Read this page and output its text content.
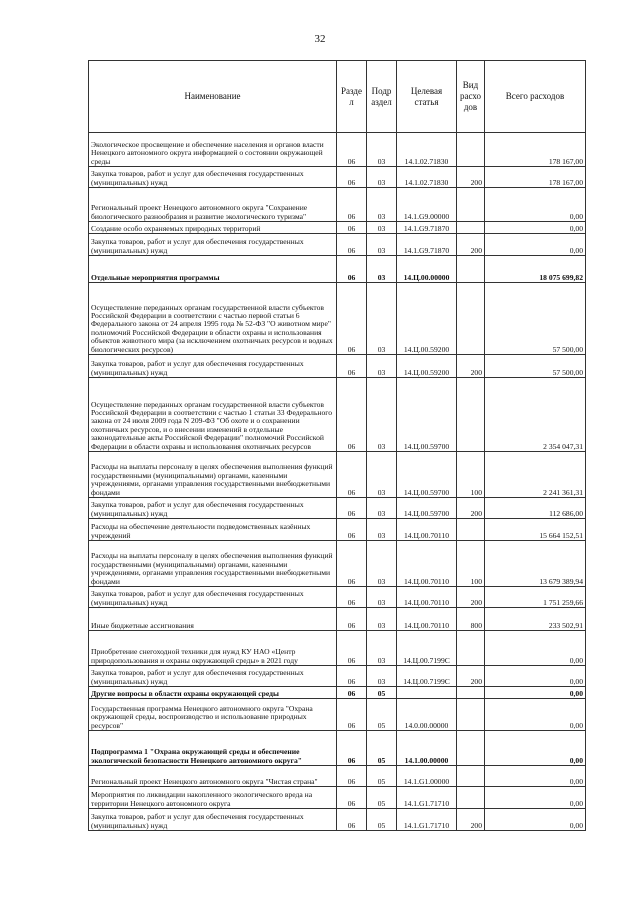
32
Наименование	Разде л	Подр аздел	Целевая статья	Вид расхо дов	Всего расходов
Экологическое просвещение и обеспечение населения и органов власти Ненецкого автономного округа информацией о состоянии окружающей среды	06	03	14.1.02.71830		178 167,00
Закупка товаров, работ и услуг для обеспечения государственных (муниципальных) нужд	06	03	14.1.02.71830	200	178 167,00
Региональный проект Ненецкого автономного округа "Сохранение биологического разнообразия и развитие экологического туризма"	06	03	14.1.G9.00000		0,00
Создание особо охраняемых природных территорий	06	03	14.1.G9.71870		0,00
Закупка товаров, работ и услуг для обеспечения государственных (муниципальных) нужд	06	03	14.1.G9.71870	200	0,00
Отдельные мероприятия программы	06	03	14.Ц.00.00000		18 075 699,82
Осуществление переданных органам государственной власти субъектов Российской Федерации в соответствии с частью первой статьи 6 Федерального закона от 24 апреля 1995 года № 52-ФЗ "О животном мире" полномочий Российской Федерации в области охраны и использования объектов животного мира (за исключением охотничьих ресурсов и водных биологических ресурсов)	06	03	14.Ц.00.59200		57 500,00
Закупка товаров, работ и услуг для обеспечения государственных (муниципальных) нужд	06	03	14.Ц.00.59200	200	57 500,00
Осуществление переданных органам государственной власти субъектов Российской Федерации в соответствии с частью 1 статьи 33 Федерального закона от 24 июля 2009 года N 209-ФЗ "Об охоте и о сохранении охотничьих ресурсов, и о внесении изменений в отдельные законодательные акты Российской Федерации" полномочий Российской Федерации в области охраны и использования охотничьих ресурсов	06	03	14.Ц.00.59700		2 354 047,31
Расходы на выплаты персоналу в целях обеспечения выполнения функций государственными (муниципальными) органами, казенными учреждениями, органами управления государственными внебюджетными фондами	06	03	14.Ц.00.59700	100	2 241 361,31
Закупка товаров, работ и услуг для обеспечения государственных (муниципальных) нужд	06	03	14.Ц.00.59700	200	112 686,00
Расходы на обеспечение деятельности подведомственных казённых учреждений	06	03	14.Ц.00.70110		15 664 152,51
Расходы на выплаты персоналу в целях обеспечения выполнения функций государственными (муниципальными) органами, казенными учреждениями, органами управления государственными внебюджетными фондами	06	03	14.Ц.00.70110	100	13 679 389,94
Закупка товаров, работ и услуг для обеспечения государственных (муниципальных) нужд	06	03	14.Ц.00.70110	200	1 751 259,66
Иные бюджетные ассигнования	06	03	14.Ц.00.70110	800	233 502,91
Приобретение снегоходной техники для нужд КУ НАО «Центр природопользования и охраны окружающей среды» в 2021 году	06	03	14.Ц.00.7199С		0,00
Закупка товаров, работ и услуг для обеспечения государственных (муниципальных) нужд	06	03	14.Ц.00.7199С	200	0,00
Другие вопросы в области охраны окружающей среды	06	05			0,00
Государственная программа Ненецкого автономного округа "Охрана окружающей среды, воспроизводство и использование природных ресурсов"	06	05	14.0.00.00000		0,00
Подпрограмма 1 "Охрана окружающей среды и обеспечение экологической безопасности Ненецкого автономного округа"	06	05	14.1.00.00000		0,00
Региональный проект Ненецкого автономного округа "Чистая страна"	06	05	14.1.G1.00000		0,00
Мероприятия по ликвидации накопленного экологического вреда на территории Ненецкого автономного округа	06	05	14.1.G1.71710		0,00
Закупка товаров, работ и услуг для обеспечения государственных (муниципальных) нужд	06	05	14.1.G1.71710	200	0,00
